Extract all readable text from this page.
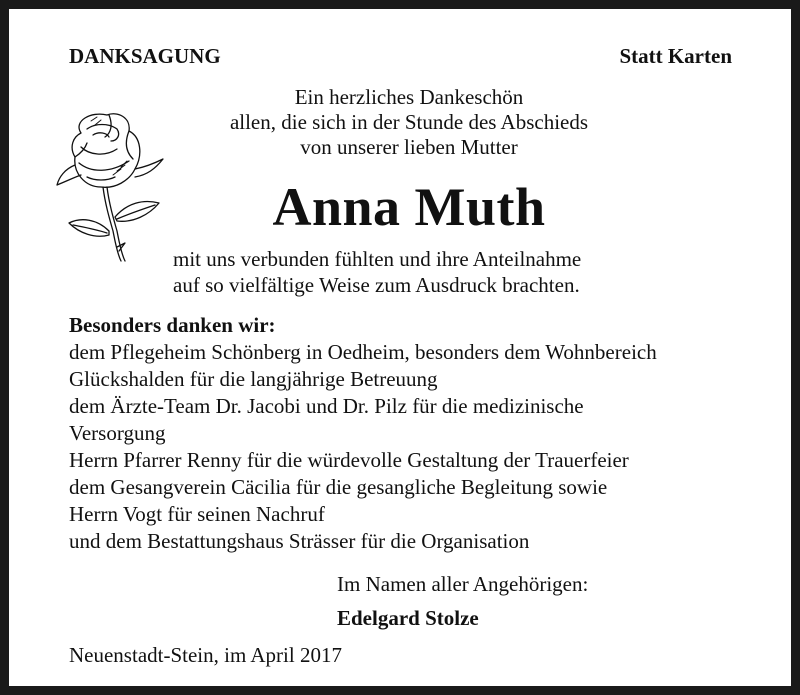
DANKSAGUNG	Statt Karten
Ein herzliches Dankeschön
allen, die sich in der Stunde des Abschieds
von unserer lieben Mutter
Anna Muth
mit uns verbunden fühlten und ihre Anteilnahme
auf so vielfältige Weise zum Ausdruck brachten.
Besonders danken wir:
dem Pflegeheim Schönberg in Oedheim, besonders dem Wohnbereich
Glückshalden für die langjährige Betreuung
dem Ärzte-Team Dr. Jacobi und Dr. Pilz für die medizinische
Versorgung
Herrn Pfarrer Renny für die würdevolle Gestaltung der Trauerfeier
dem Gesangverein Cäcilia für die gesangliche Begleitung sowie
Herrn Vogt für seinen Nachruf
und dem Bestattungshaus Strässer für die Organisation
Im Namen aller Angehörigen:
Edelgard Stolze
Neuenstadt-Stein, im April 2017
